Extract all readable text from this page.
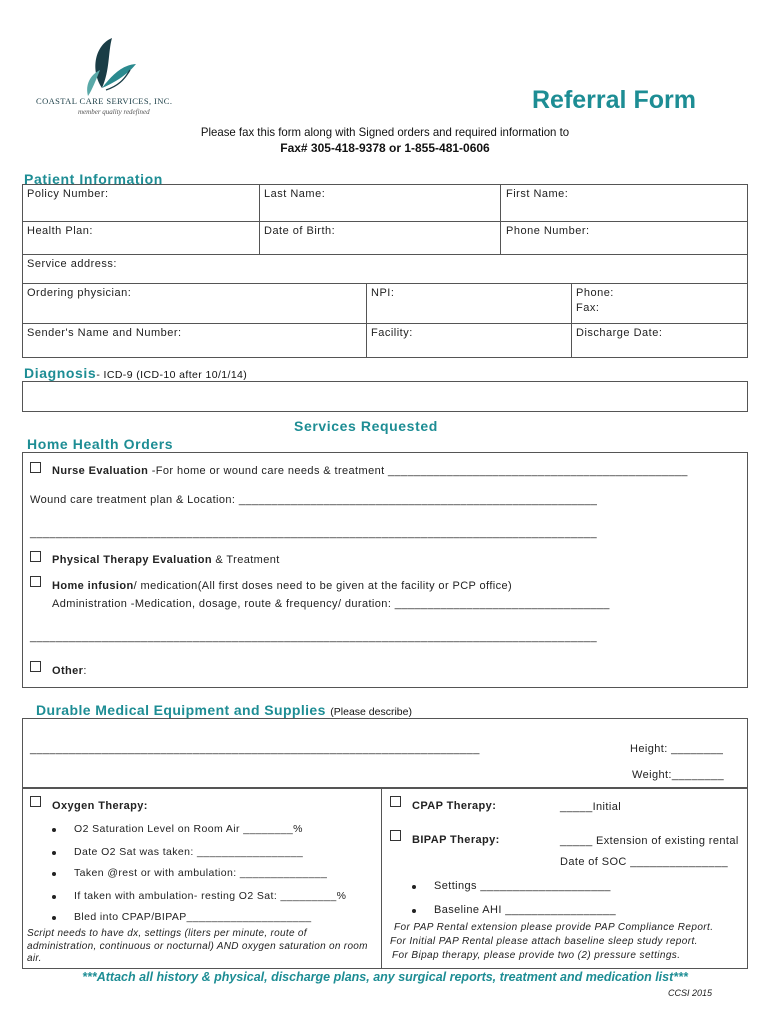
COASTAL CARE SERVICES, INC.
member quality redefined	Referral Form
Please fax this form along with Signed orders and required information to
Fax# 305-418-9378 or 1-855-481-0606
Patient Information
Policy Number:	Last Name:	First Name:
Health Plan:	Date of Birth:	Phone Number:
Service address:
Ordering physician:	NPI:	Phone:
Fax:
Sender's Name and Number:	Facility:	Discharge Date:
Diagnosis- ICD-9 (ICD-10 after 10/1/14)
Services Requested
Home Health Orders
Nurse Evaluation -For home or wound care needs & treatment ______________________________________________
Wound care treatment plan & Location: _______________________________________________________
_______________________________________________________________________________________
Physical Therapy Evaluation & Treatment
Home infusion/ medication(All first doses need to be given at the facility or PCP office)
Administration -Medication, dosage, route & frequency/ duration: _________________________________
_______________________________________________________________________________________
Other:
Durable Medical Equipment and Supplies (Please describe)
_____________________________________________________________________	Height: ________
Weight:________
Oxygen Therapy:
O2 Saturation Level on Room Air ________%
Date O2 Sat was taken: _________________
Taken @rest or with ambulation: ______________
If taken with ambulation- resting O2 Sat: _________%
Bled into CPAP/BIPAP____________________
Script needs to have dx, settings (liters per minute, route of administration, continuous or nocturnal) AND oxygen saturation on room air.
CPAP Therapy:	_____Initial
BIPAP Therapy:	_____ Extension of existing rental
Date of SOC _______________
Settings ____________________
Baseline AHI _________________
For PAP Rental extension please provide PAP Compliance Report.
For Initial PAP Rental please attach baseline sleep study report.
For Bipap therapy, please provide two (2) pressure settings.
***Attach all history & physical, discharge plans, any surgical reports, treatment and medication list***
CCSI 2015
